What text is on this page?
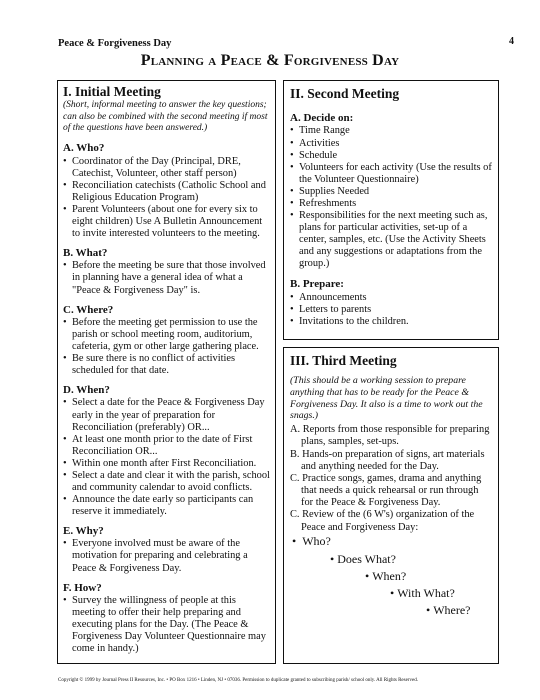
Peace & Forgiveness Day	4
Planning a Peace & Forgiveness Day
I. Initial Meeting
(Short, informal meeting to answer the key questions; can also be combined with the second meeting if most of the questions have been answered.)
A. Who?
• Coordinator of the Day (Principal, DRE, Catechist, Volunteer, other staff person)
• Reconciliation catechists (Catholic School and Religious Education Program)
• Parent Volunteers (about one for every six to eight children) Use A Bulletin Announcement to invite interested volunteers to the meeting.
B. What?
• Before the meeting be sure that those involved in planning have a general idea of what a "Peace & Forgiveness Day" is.
C. Where?
• Before the meeting get permission to use the parish or school meeting room, auditorium, cafeteria, gym or other large gathering place.
• Be sure there is no conflict of activities scheduled for that date.
D. When?
• Select a date for the Peace & Forgiveness Day early in the year of preparation for Reconciliation (preferably) OR...
• At least one month prior to the date of First Reconciliation OR...
• Within one month after First Reconciliation.
• Select a date and clear it with the parish, school and community calendar to avoid conflicts.
• Announce the date early so participants can reserve it immediately.
E. Why?
• Everyone involved must be aware of the motivation for preparing and celebrating a Peace & Forgiveness Day.
F. How?
• Survey the willingness of people at this meeting to offer their help preparing and executing plans for the Day. (The Peace & Forgiveness Day Volunteer Questionnaire may come in handy.)
II. Second Meeting
A. Decide on:
• Time Range
• Activities
• Schedule
• Volunteers for each activity (Use the results of the Volunteer Questionnaire)
• Supplies Needed
• Refreshments
• Responsibilities for the next meeting such as, plans for particular activities, set-up of a center, samples, etc. (Use the Activity Sheets and any suggestions or adaptations from the group.)
B. Prepare:
• Announcements
• Letters to parents
• Invitations to the children.
III. Third Meeting
(This should be a working session to prepare anything that has to be ready for the Peace & Forgiveness Day. It also is a time to work out the snags.)
A. Reports from those responsible for preparing plans, samples, set-ups.
B. Hands-on preparation of signs, art materials and anything needed for the Day.
C. Practice songs, games, drama and anything that needs a quick rehearsal or run through for the Peace & Forgiveness Day.
C. Review of the (6 W's) organization of the Peace and Forgiveness Day:
•  Who?
• Does What?
• When?
• With What?
• Where?
Copyright © 1999 by Journal Press II Resources, Inc. • PO Box 1216 • Linden, NJ • 07036. Permission to duplicate granted to subscribing parish/ school only. All Rights Reserved.
